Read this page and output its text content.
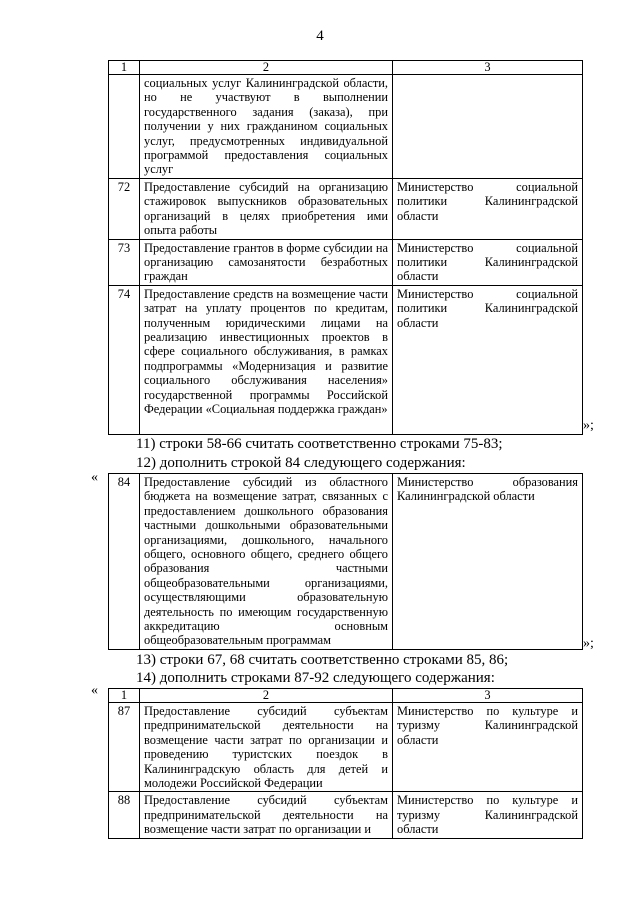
4
1	2	3
	социальных услуг Калининградской области, но не участвуют в выполнении государственного задания (заказа), при получении у них гражданином социальных услуг, предусмотренных индивидуальной программой предоставления социальных услуг	
72	Предоставление субсидий на организацию стажировок выпускников образовательных организаций в целях приобретения ими опыта работы	Министерство социальной политики Калининградской области
73	Предоставление грантов в форме субсидии на организацию самозанятости безработных граждан	Министерство социальной политики Калининградской области
74	Предоставление средств на возмещение части затрат на уплату процентов по кредитам, полученным юридическими лицами на реализацию инвестиционных проектов в сфере социального обслуживания, в рамках подпрограммы «Модернизация и развитие социального обслуживания населения» государственной программы Российской Федерации «Социальная поддержка граждан»	Министерство социальной политики Калининградской области
»;
11) строки 58-66 считать соответственно строками 75-83;
12) дополнить строкой 84 следующего содержания:
« 84	Предоставление субсидий из областного бюджета на возмещение затрат, связанных с предоставлением дошкольного образования частными дошкольными образовательными организациями, дошкольного, начального общего, основного общего, среднего общего образования частными общеобразовательными организациями, осуществляющими образовательную деятельность по имеющим государственную аккредитацию основным общеобразовательным программам	Министерство образования Калининградской области
»;
13) строки 67, 68 считать соответственно строками 85, 86;
14) дополнить строками 87-92 следующего содержания:
« 1	2	3
87	Предоставление субсидий субъектам предпринимательской деятельности на возмещение части затрат по организации и проведению туристских поездок в Калининградскую область для детей и молодежи Российской Федерации	Министерство по культуре и туризму Калининградской области
88	Предоставление субсидий субъектам предпринимательской деятельности на возмещение части затрат по организации и	Министерство по культуре и туризму Калининградской области
